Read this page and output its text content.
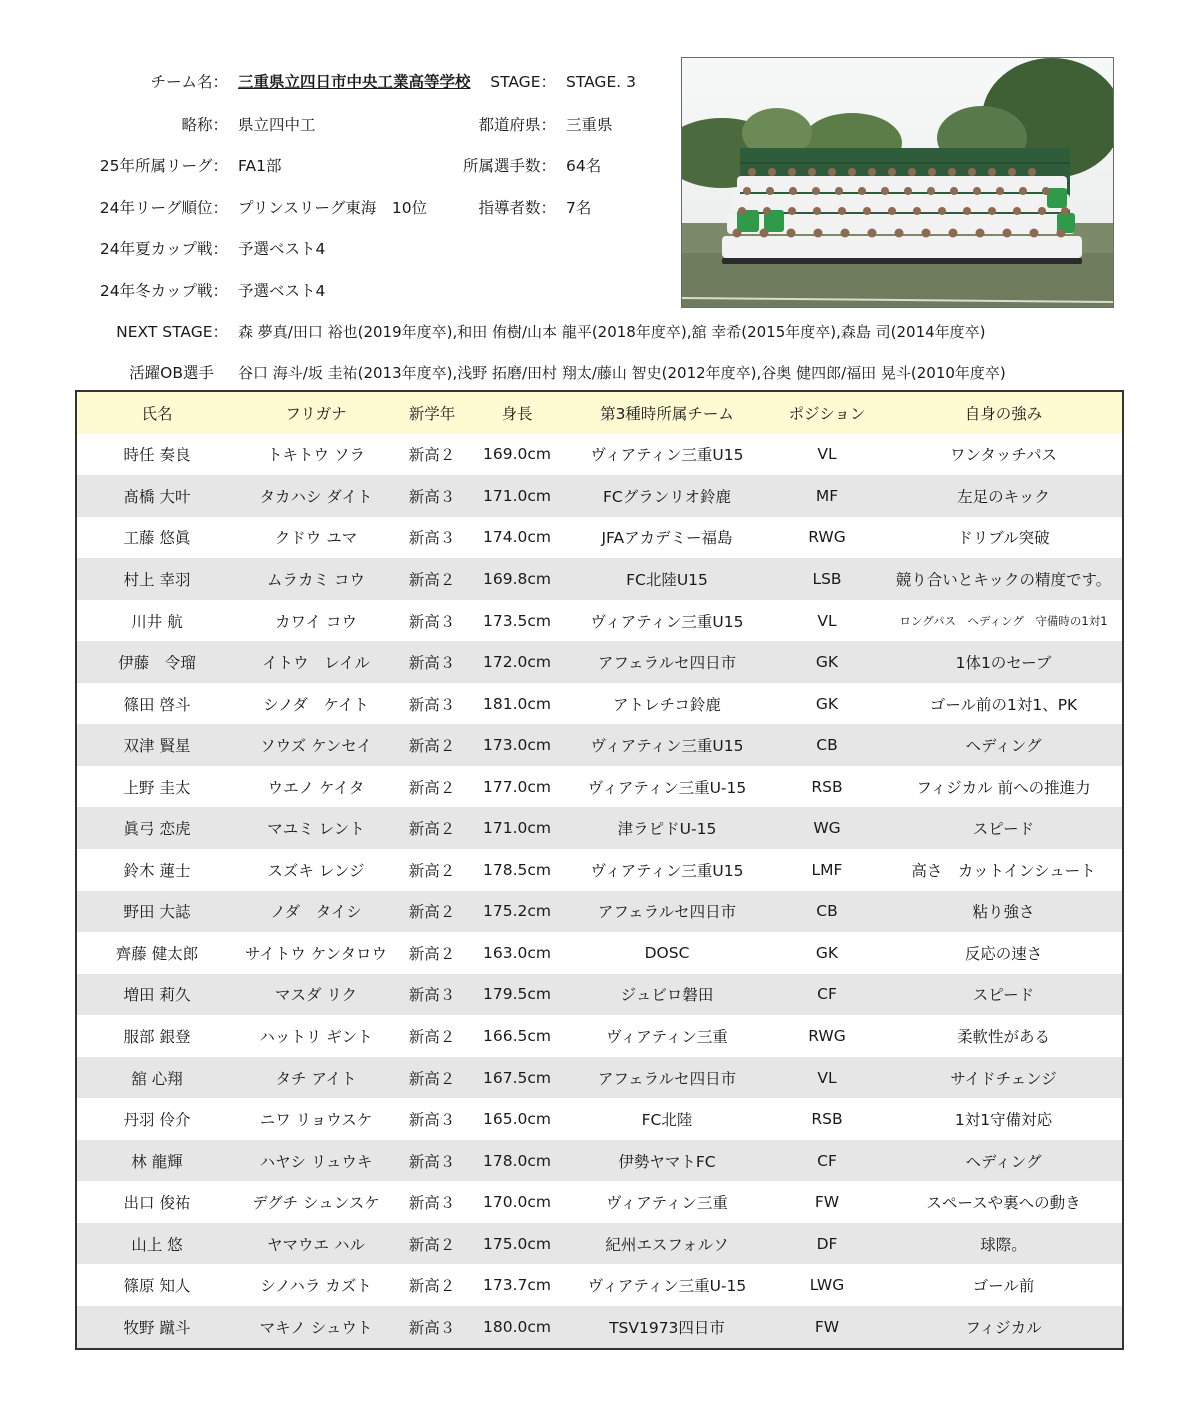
チーム名： 三重県立四日市中央工業高等学校 STAGE： STAGE. 3
略称： 県立四中工	都道府県： 三重県
25年所属リーグ： FA1部	所属選手数： 64名
24年リーグ順位： プリンスリーグ東海　10位	指導者数： 7名
24年夏カップ戦： 予選ベスト4
24年冬カップ戦： 予選ベスト4
NEXT STAGE： 森 夢真/田口 裕也(2019年度卒),和田 侑樹/山本 龍平(2018年度卒),舘 幸希(2015年度卒),森島 司(2014年度卒)
活躍OB選手 谷口 海斗/坂 圭祐(2013年度卒),浅野 拓磨/田村 翔太/藤山 智史(2012年度卒),谷奥 健四郎/福田 晃斗(2010年度卒)
氏名	フリガナ	新学年	身長	第3種時所属チーム	ポジション	自身の強み
時任 奏良	トキトウ ソラ	新高２	169.0cm	ヴィアティン三重U15	VL	ワンタッチパス
髙橋 大叶	タカハシ ダイト	新高３	171.0cm	FCグランリオ鈴鹿	MF	左足のキック
工藤 悠眞	クドウ ユマ	新高３	174.0cm	JFAアカデミー福島	RWG	ドリブル突破
村上 幸羽	ムラカミ コウ	新高２	169.8cm	FC北陸U15	LSB	競り合いとキックの精度です。
川井 航	カワイ コウ	新高３	173.5cm	ヴィアティン三重U15	VL	ロングパス　ヘディング　守備時の1対1
伊藤　令瑠	イトウ　レイル	新高３	172.0cm	アフェラルセ四日市	GK	1体1のセーブ
篠田 啓斗	シノダ　ケイト	新高３	181.0cm	アトレチコ鈴鹿	GK	ゴール前の1対1、PK
双津 賢星	ソウズ ケンセイ	新高２	173.0cm	ヴィアティン三重U15	CB	ヘディング
上野 圭太	ウエノ ケイタ	新高２	177.0cm	ヴィアティン三重U-15	RSB	フィジカル 前への推進力
眞弓 恋虎	マユミ レント	新高２	171.0cm	津ラピドU-15	WG	スピード
鈴木 蓮士	スズキ レンジ	新高２	178.5cm	ヴィアティン三重U15	LMF	高さ　カットインシュート
野田 大誌	ノダ　タイシ	新高２	175.2cm	アフェラルセ四日市	CB	粘り強さ
齊藤 健太郎	サイトウ ケンタロウ	新高２	163.0cm	DOSC	GK	反応の速さ
増田 莉久	マスダ リク	新高３	179.5cm	ジュビロ磐田	CF	スピード
服部 銀登	ハットリ ギント	新高２	166.5cm	ヴィアティン三重	RWG	柔軟性がある
舘 心翔	タチ アイト	新高２	167.5cm	アフェラルセ四日市	VL	サイドチェンジ
丹羽 伶介	ニワ リョウスケ	新高３	165.0cm	FC北陸	RSB	1対1守備対応
林 龍輝	ハヤシ リュウキ	新高３	178.0cm	伊勢ヤマトFC	CF	ヘディング
出口 俊祐	デグチ シュンスケ	新高３	170.0cm	ヴィアティン三重	FW	スペースや裏への動き
山上 悠	ヤマウエ ハル	新高２	175.0cm	紀州エスフォルソ	DF	球際。
篠原 知人	シノハラ カズト	新高２	173.7cm	ヴィアティン三重U-15	LWG	ゴール前
牧野 蹴斗	マキノ シュウト	新高３	180.0cm	TSV1973四日市	FW	フィジカル
